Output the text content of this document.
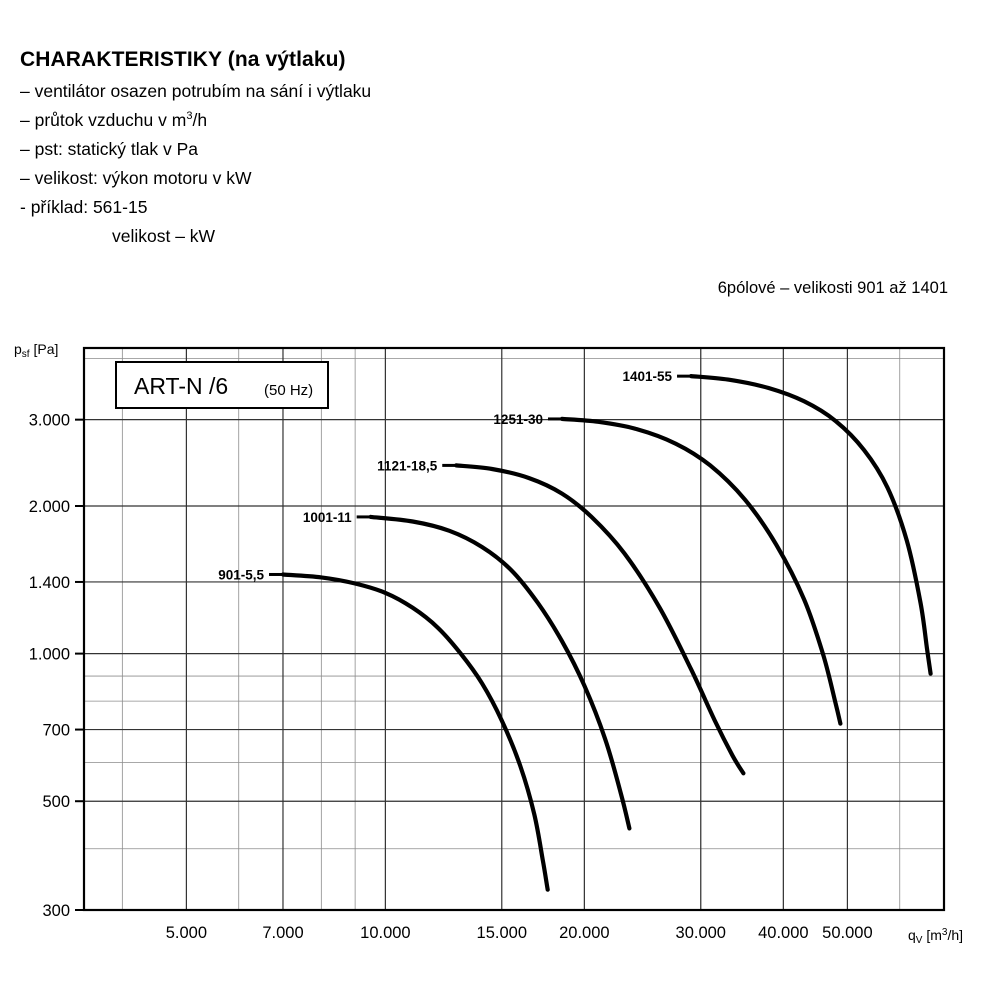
CHARAKTERISTIKY (na výtlaku)
– ventilátor osazen potrubím na sání i výtlaku
– průtok vzduchu v $m^3/h$
– pst: statický tlak v Pa
– velikost: výkon motoru v kW
- příklad: 561-15
velikost – kW
6pólové – velikosti 901 až 1401
300
500
700
1.000
1.400
2.000
3.000
5.000	7.000	10.000	15.000 20.000	30.000 40.000 50.000
$p_{sf}$ [Pa]
$q_V$ $[m^3/h]$
ART-N /6 (50 Hz)
901-5,5
1001-11
1121-18,5
1251-30
1401-55
